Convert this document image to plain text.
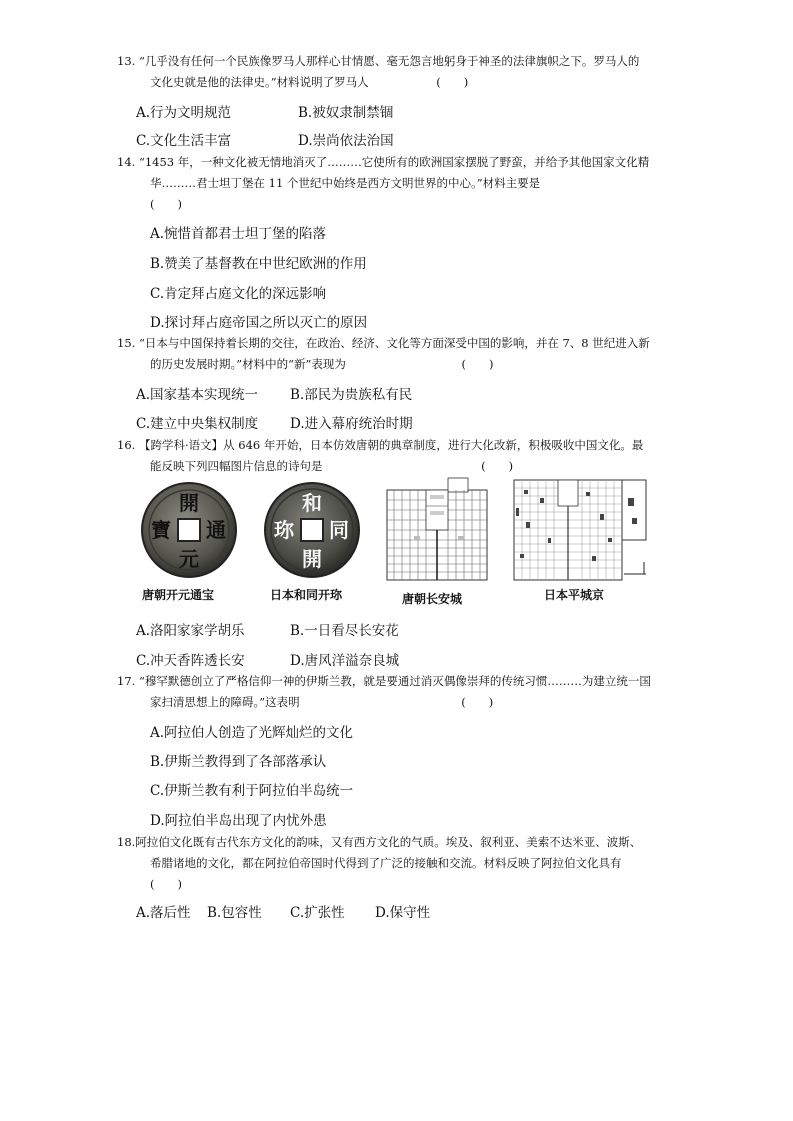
13. “几乎没有任何一个民族像罗马人那样心甘情愿、毫无怨言地躬身于神圣的法律旗帜之下。罗马人的
文化史就是他的法律史。”材料说明了罗马人	(　　)
A.行为文明规范	B.被奴隶制禁锢
C.文化生活丰富	D.崇尚依法治国
14. “1453 年，一种文化被无情地消灭了………它使所有的欧洲国家摆脱了野蛮，并给予其他国家文化精
华………君士坦丁堡在 11 个世纪中始终是西方文明世界的中心。”材料主要是
(　　)
A.惋惜首都君士坦丁堡的陷落
B.赞美了基督教在中世纪欧洲的作用
C.肯定拜占庭文化的深远影响
D.探讨拜占庭帝国之所以灭亡的原因
15. “日本与中国保持着长期的交往，在政治、经济、文化等方面深受中国的影响，并在 7、8 世纪进入新
的历史发展时期。”材料中的“新”表现为	(　　)
A.国家基本实现统一 B.部民为贵族私有民
C.建立中央集权制度 D.进入幕府统治时期
16. 【跨学科·语文】从 646 年开始，日本仿效唐朝的典章制度，进行大化改新，积极吸收中国文化。最
能反映下列四幅图片信息的诗句是	(　　)
開
元
通
寶
唐朝开元通宝
和
同
開
珎
日本和同开珎	唐朝长安城	日本平城京
A.洛阳家家学胡乐	B.一日看尽长安花
C.冲天香阵透长安	D.唐风洋溢奈良城
17. “穆罕默德创立了严格信仰一神的伊斯兰教，就是要通过消灭偶像崇拜的传统习惯………为建立统一国
家扫清思想上的障碍。”这表明	(　　)
A.阿拉伯人创造了光辉灿烂的文化
B.伊斯兰教得到了各部落承认
C.伊斯兰教有利于阿拉伯半岛统一
D.阿拉伯半岛出现了内忧外患
18.阿拉伯文化既有古代东方文化的韵味，又有西方文化的气质。埃及、叙利亚、美索不达米亚、波斯、
希腊诸地的文化，都在阿拉伯帝国时代得到了广泛的接触和交流。材料反映了阿拉伯文化具有
(　　)
A.落后性 B.包容性 C.扩张性 D.保守性
